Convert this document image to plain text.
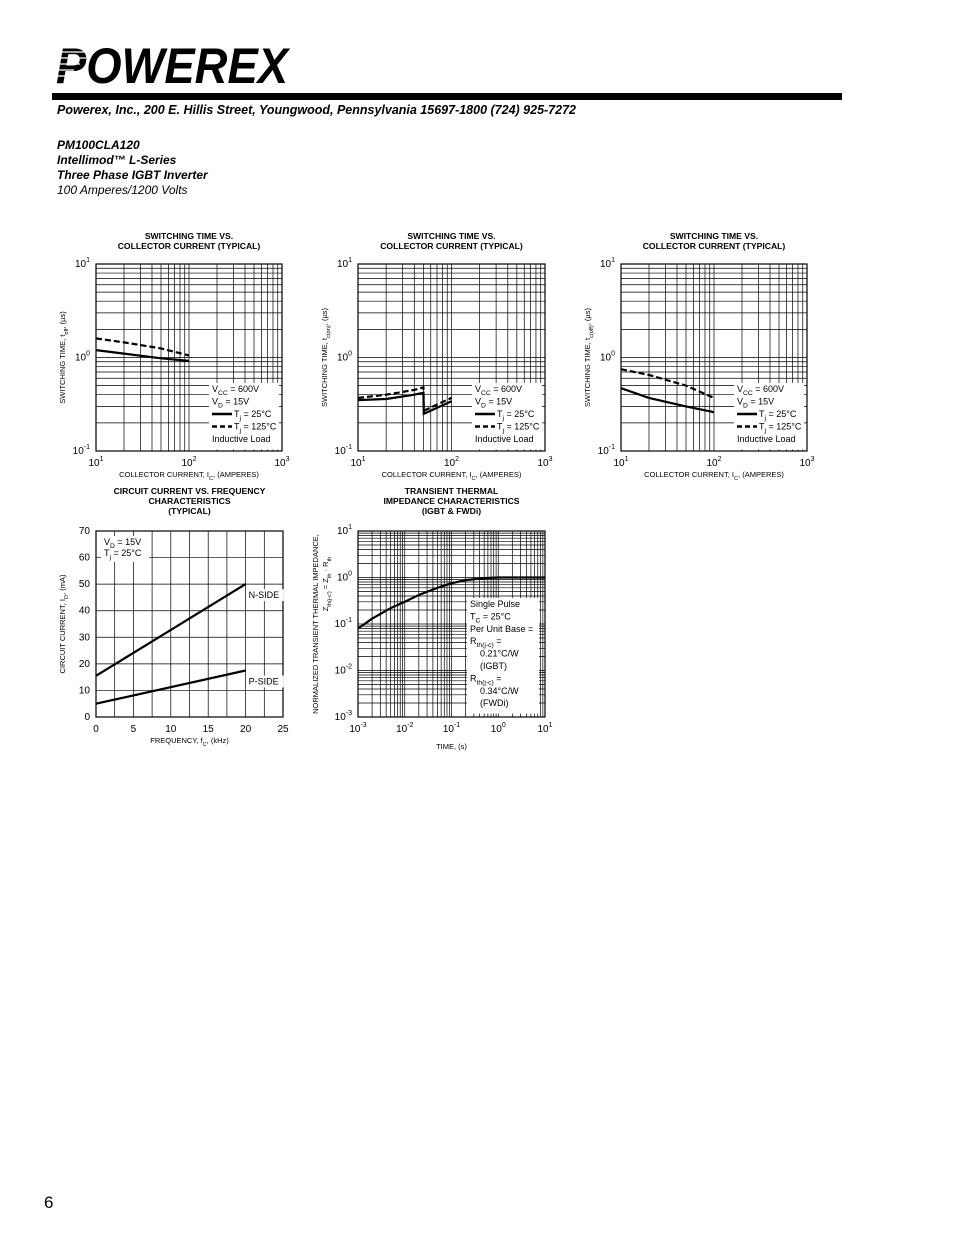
POWEREX
Powerex, Inc., 200 E. Hillis Street, Youngwood, Pennsylvania 15697-1800 (724) 925-7272
PM100CLA120
Intellimod™ L-Series
Three Phase IGBT Inverter
100 Amperes/1200 Volts
SWITCHING TIME VS.
COLLECTOR CURRENT (TYPICAL)
101	102	103
10-1
100
101
COLLECTOR CURRENT, IC, (AMPERES)
SWITCHING TIME, toff, (µs)
VCC = 600V
VD = 15V
Tj = 25°C
Tj = 125°C
Inductive Load
SWITCHING TIME VS.
COLLECTOR CURRENT (TYPICAL)
101	102	103
10-1
100
101
COLLECTOR CURRENT, IC, (AMPERES)
SWITCHING TIME, tc(on), (µs)
VCC = 600V
VD = 15V
Tj = 25°C
Tj = 125°C
Inductive Load
SWITCHING TIME VS.
COLLECTOR CURRENT (TYPICAL)
101	102	103
10-1
100
101
COLLECTOR CURRENT, IC, (AMPERES)
SWITCHING TIME, tc(off), (µs)
VCC = 600V
VD = 15V
Tj = 25°C
Tj = 125°C
Inductive Load
CIRCUIT CURRENT VS. FREQUENCY
CHARACTERISTICS
(TYPICAL)
0	5	10	15	20	25
0
10
20
30
40
50
60
70
FREQUENCY, fC, (kHz)
CIRCUIT CURRENT, ID, (mA)
VD = 15V
Tj = 25°C
N-SIDE
P-SIDE
TRANSIENT THERMAL
IMPEDANCE CHARACTERISTICS
(IGBT & FWDi)
10-3	10-2	10-1	100	101
10-3
10-2
10-1
100
101
TIME, (s)
NORMALIZED TRANSIENT THERMAL IMPEDANCE, Zth(j-c') = Zth · Rth
Single Pulse
TC = 25°C
Per Unit Base =
Rth(j-c) =
0.21°C/W
(IGBT)
Rth(j-c) =
0.34°C/W
(FWDi)
6
